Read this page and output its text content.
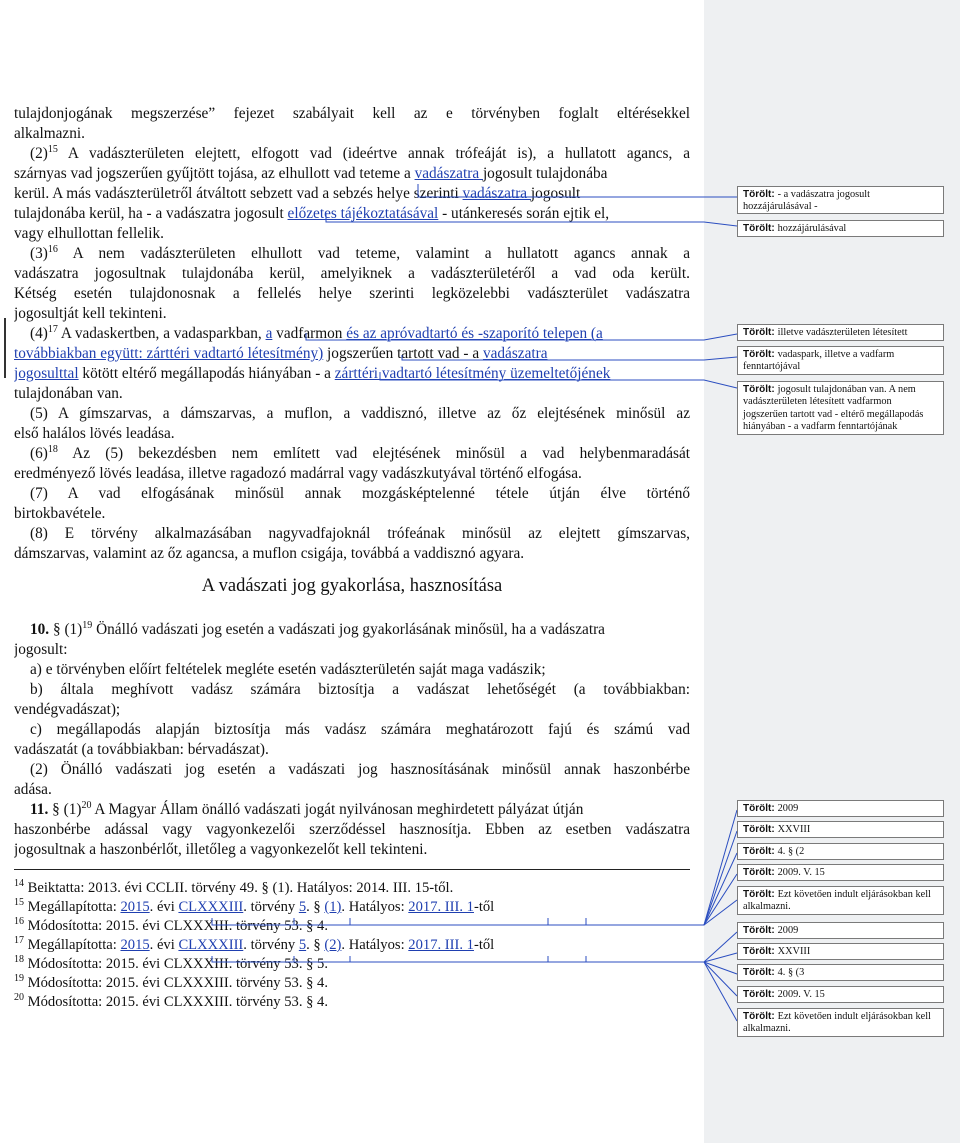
tulajdonjogának megszerzése” fejezet szabályait kell az e törvényben foglalt eltérésekkel
alkalmazni.
$(2)^{15}$ A vadászterületen elejtett, elfogott vad (ideértve annak trófeáját is), a hullatott agancs, a
szárnyas vad jogszerűen gyűjtött tojása, az elhullott vad teteme a vadászatra jogosult tulajdonába
kerül. A más vadászterületről átváltott sebzett vad a sebzés helye szerinti vadászatra jogosult
tulajdonába kerül, ha - a vadászatra jogosult előzetes tájékoztatásával - utánkeresés során ejtik el,
vagy elhullottan fellelik.
$(3)^{16}$ A nem vadászterületen elhullott vad teteme, valamint a hullatott agancs annak a
vadászatra jogosultnak tulajdonába kerül, amelyiknek a vadászterületéről a vad oda került.
Kétség esetén tulajdonosnak a fellelés helye szerinti legközelebbi vadászterület vadászatra
jogosultját kell tekinteni.
$(4)^{17}$ A vadaskertben, a vadasparkban, a vadfarmon és az apróvadtartó és -szaporító telepen (a
továbbiakban együtt: zárttéri vadtartó létesítmény) jogszerűen tartott vad - a vadászatra
jogosulttal kötött eltérő megállapodás hiányában - a zárttéri vadtartó létesítmény üzemeltetőjének
tulajdonában van.
(5) A gímszarvas, a dámszarvas, a muflon, a vaddisznó, illetve az őz elejtésének minősül az
első halálos lövés leadása.
$(6)^{18}$ Az (5) bekezdésben nem említett vad elejtésének minősül a vad helybenmaradását
eredményező lövés leadása, illetve ragadozó madárral vagy vadászkutyával történő elfogása.
(7) A vad elfogásának minősül annak mozgásképtelenné tétele útján élve történő
birtokbavétele.
(8) E törvény alkalmazásában nagyvadfajoknál trófeának minősül az elejtett gímszarvas,
dámszarvas, valamint az őz agancsa, a muflon csigája, továbbá a vaddisznó agyara.
A vadászati jog gyakorlása, hasznosítása
10. § $(1)^{19}$ Önálló vadászati jog esetén a vadászati jog gyakorlásának minősül, ha a vadászatra
jogosult:
a) e törvényben előírt feltételek megléte esetén vadászterületén saját maga vadászik;
b) általa meghívott vadász számára biztosítja a vadászat lehetőségét (a továbbiakban:
vendégvadászat);
c) megállapodás alapján biztosítja más vadász számára meghatározott fajú és számú vad
vadászatát (a továbbiakban: bérvadászat).
(2) Önálló vadászati jog esetén a vadászati jog hasznosításának minősül annak haszonbérbe
adása.
11. § $(1)^{20}$ A Magyar Állam önálló vadászati jogát nyilvánosan meghirdetett pályázat útján
haszonbérbe adással vagy vagyonkezelői szerződéssel hasznosítja. Ebben az esetben vadászatra
jogosultnak a haszonbérlőt, illetőleg a vagyonkezelőt kell tekinteni.
$^{14}$ Beiktatta: 2013. évi CCLII. törvény 49. § (1). Hatályos: 2014. III. 15-től.
$^{15}$ Megállapította: 2015. évi CLXXXIII. törvény 5. § (1). Hatályos: 2017. III. 1-től
$^{16}$ Módosította: 2015. évi CLXXXIII. törvény 53. § 4.
$^{17}$ Megállapította: 2015. évi CLXXXIII. törvény 5. § (2). Hatályos: 2017. III. 1-től
$^{18}$ Módosította: 2015. évi CLXXXIII. törvény 53. § 5.
$^{19}$ Módosította: 2015. évi CLXXXIII. törvény 53. § 4.
$^{20}$ Módosította: 2015. évi CLXXXIII. törvény 53. § 4.
Törölt: - a vadászatra jogosult hozzájárulásával -
Törölt: hozzájárulásával
Törölt: illetve vadászterületen létesített
Törölt: vadaspark, illetve a vadfarm fenntartójával
Törölt: jogosult tulajdonában van. A nem vadászterületen létesített vadfarmon jogszerűen tartott vad - eltérő megállapodás hiányában - a vadfarm fenntartójának
Törölt: 2009
Törölt: XXVIII
Törölt: 4. § (2
Törölt: 2009. V. 15
Törölt: Ezt követően indult eljárásokban kell alkalmazni.
Törölt: 2009
Törölt: XXVIII
Törölt: 4. § (3
Törölt: 2009. V. 15
Törölt: Ezt követően indult eljárásokban kell alkalmazni.
